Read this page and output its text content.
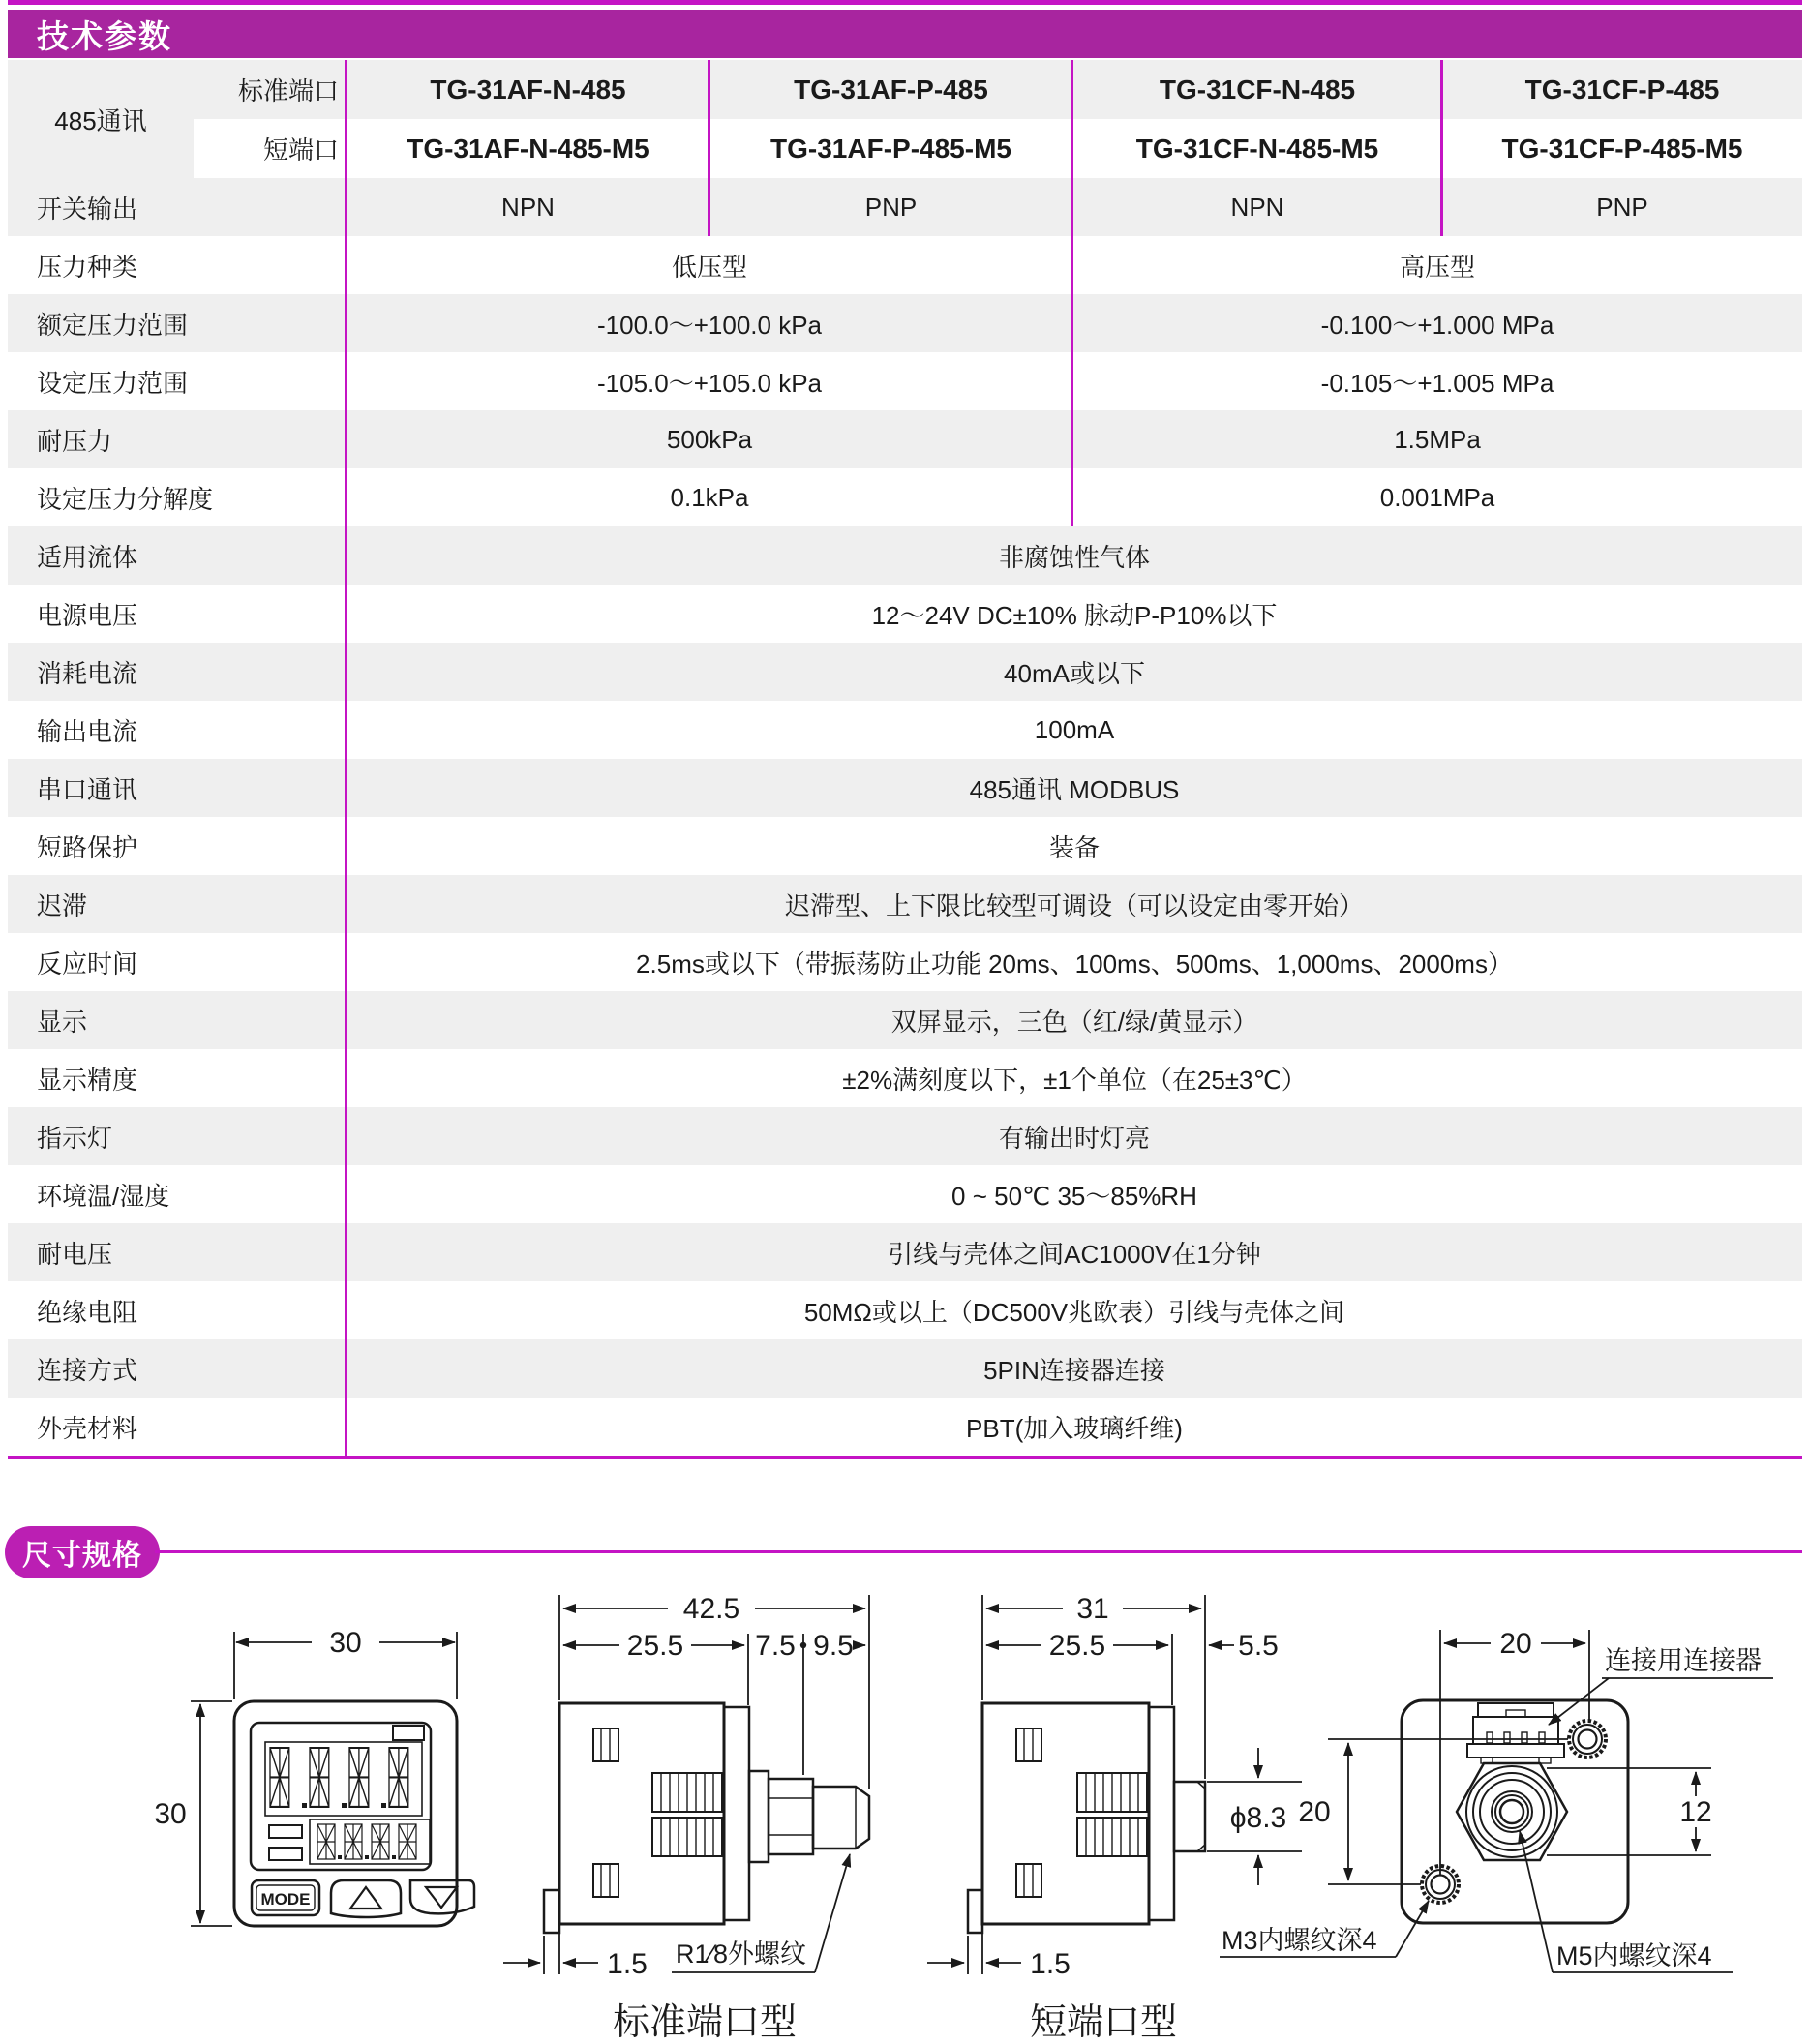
技术参数
485通讯
标准端口	TG-31AF-N-485	TG-31AF-P-485	TG-31CF-N-485	TG-31CF-P-485
短端口	TG-31AF-N-485-M5	TG-31AF-P-485-M5	TG-31CF-N-485-M5	TG-31CF-P-485-M5
开关输出	NPN	PNP	NPN	PNP
压力种类	低压型	高压型
额定压力范围	-100.0～+100.0 kPa	-0.100～+1.000 MPa
设定压力范围	-105.0～+105.0 kPa	-0.105～+1.005 MPa
耐压力	500kPa	1.5MPa
设定压力分解度	0.1kPa	0.001MPa
适用流体	非腐蚀性气体
电源电压	12～24V DC±10% 脉动P-P10%以下
消耗电流	40mA或以下
输出电流	100mA
串口通讯	485通讯 MODBUS
短路保护	装备
迟滞	迟滞型、上下限比较型可调设（可以设定由零开始）
反应时间	2.5ms或以下（带振荡防止功能 20ms、100ms、500ms、1,000ms、2000ms）
显示	双屏显示，三色（红/绿/黄显示）
显示精度	±2%满刻度以下，±1个单位（在25±3℃）
指示灯	有输出时灯亮
环境温/湿度	0 ~ 50℃ 35～85%RH
耐电压	引线与壳体之间AC1000V在1分钟
绝缘电阻	50MΩ或以上（DC500V兆欧表）引线与壳体之间
连接方式	5PIN连接器连接
外壳材料	PBT(加入玻璃纤维)
尺寸规格
30
30
MODE
42.5
25.5 7.5 9.5
1.5 R1⁄8外螺纹
标准端口型
31
25.5	5.5
ϕ8.3
1.5
短端口型
20
连接用连接器
20	12
M3内螺纹深4
M5内螺纹深4
